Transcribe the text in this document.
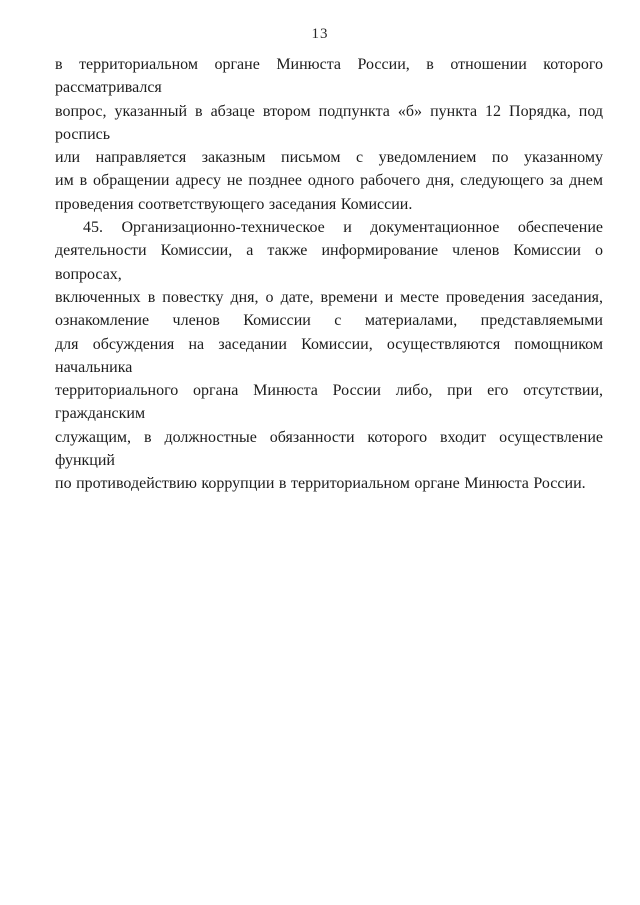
13
в территориальном органе Минюста России, в отношении которого рассматривался
вопрос, указанный в абзаце втором подпункта «б» пункта 12 Порядка, под роспись
или направляется заказным письмом с уведомлением по указанному
им в обращении адресу не позднее одного рабочего дня, следующего за днем
проведения соответствующего заседания Комиссии.
45. Организационно-техническое и документационное обеспечение
деятельности Комиссии, а также информирование членов Комиссии о вопросах,
включенных в повестку дня, о дате, времени и месте проведения заседания,
ознакомление членов Комиссии с материалами, представляемыми
для обсуждения на заседании Комиссии, осуществляются помощником начальника
территориального органа Минюста России либо, при его отсутствии, гражданским
служащим, в должностные обязанности которого входит осуществление функций
по противодействию коррупции в территориальном органе Минюста России.
